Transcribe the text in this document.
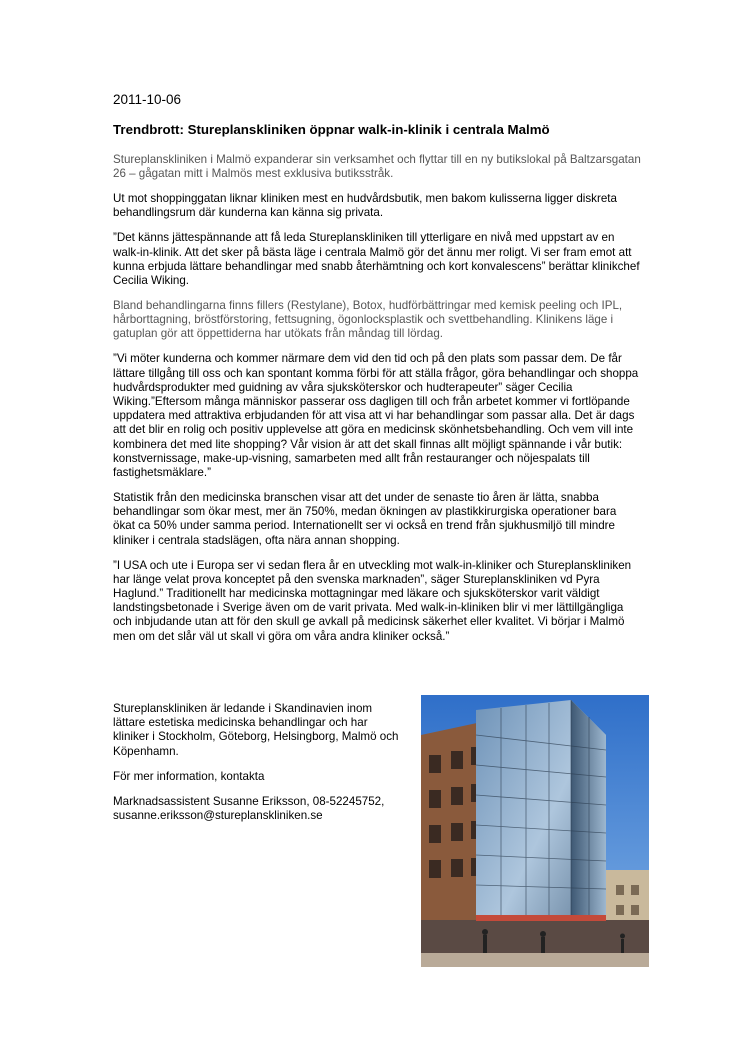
2011-10-06
Trendbrott: Stureplanskliniken öppnar walk-in-klinik i centrala Malmö

Stureplanskliniken i Malmö expanderar sin verksamhet och flyttar till en ny butikslokal på Baltzarsgatan 26 – gågatan mitt i Malmös mest exklusiva butiksstråk.

Ut mot shoppinggatan liknar kliniken mest en hudvårdsbutik, men bakom kulisserna ligger diskreta behandlingsrum där kunderna kan känna sig privata.

”Det känns jättespännande att få leda Stureplanskliniken till ytterligare en nivå med uppstart av en walk-in-klinik. Att det sker på bästa läge i centrala Malmö gör det ännu mer roligt. Vi ser fram emot att kunna erbjuda lättare behandlingar med snabb återhämtning och kort konvalescens” berättar klinikchef Cecilia Wiking.

Bland behandlingarna finns fillers (Restylane), Botox, hudförbättringar med kemisk peeling och IPL, hårborttagning, bröstförstoring, fettsugning, ögonlocksplastik och svettbehandling. Klinikens läge i gatuplan gör att öppettiderna har utökats från måndag till lördag.

”Vi möter kunderna och kommer närmare dem vid den tid och på den plats som passar dem. De får lättare tillgång till oss och kan spontant komma förbi för att ställa frågor, göra behandlingar och shoppa hudvårdsprodukter med guidning av våra sjuksköterskor och hudterapeuter” säger Cecilia Wiking.”Eftersom många människor passerar oss dagligen till och från arbetet kommer vi fortlöpande uppdatera med attraktiva erbjudanden för att visa att vi har behandlingar som passar alla. Det är dags att det blir en rolig och positiv upplevelse att göra en medicinsk skönhetsbehandling. Och vem vill inte kombinera det med lite shopping? Vår vision är att det skall finnas allt möjligt spännande i vår butik: konstvernissage, make-up-visning, samarbeten med allt från restauranger och nöjespalats till fastighetsmäklare.”

Statistik från den medicinska branschen visar att det under de senaste tio åren är lätta, snabba behandlingar som ökar mest, mer än 750%, medan ökningen av plastikkirurgiska operationer bara ökat ca 50% under samma period. Internationellt ser vi också en trend från sjukhusmiljö till mindre kliniker i centrala stadslägen, ofta nära annan shopping.

”I USA och ute i Europa ser vi sedan flera år en utveckling mot walk-in-kliniker och Stureplanskliniken har länge velat prova konceptet på den svenska marknaden”, säger Stureplanskliniken vd Pyra Haglund.” Traditionellt har medicinska mottagningar med läkare och sjuksköterskor varit väldigt landstingsbetonade i Sverige även om de varit privata. Med walk-in-kliniken blir vi mer lättillgängliga och inbjudande utan att för den skull ge avkall på medicinsk säkerhet eller kvalitet. Vi börjar i Malmö men om det slår väl ut skall vi göra om våra andra kliniker också.”

Stureplanskliniken är ledande i Skandinavien inom lättare estetiska medicinska behandlingar och har kliniker i Stockholm, Göteborg, Helsingborg, Malmö och Köpenhamn.

För mer information, kontakta

Marknadsassistent Susanne Eriksson, 08-52245752,
susanne.eriksson@stureplanskliniken.se
